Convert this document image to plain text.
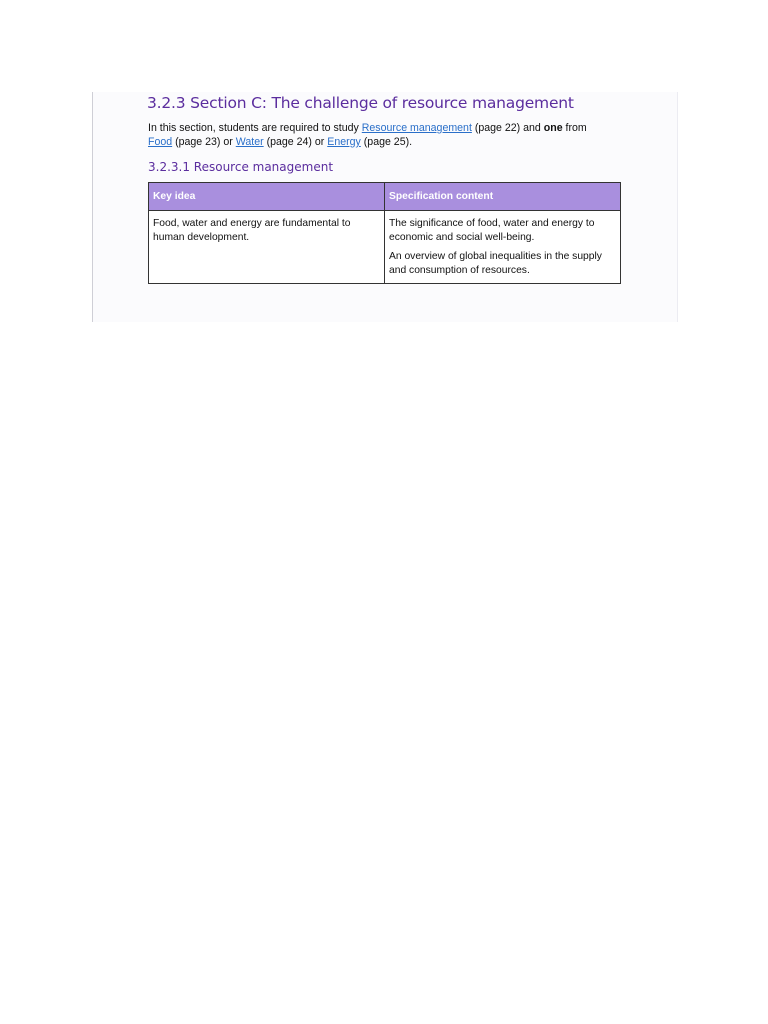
3.2.3 Section C: The challenge of resource management
In this section, students are required to study Resource management (page 22) and one from
Food (page 23) or Water (page 24) or Energy (page 25).
3.2.3.1 Resource management
Key idea	Specification content
Food, water and energy are fundamental to human development.	The significance of food, water and energy to economic and social well-being.

An overview of global inequalities in the supply and consumption of resources.
